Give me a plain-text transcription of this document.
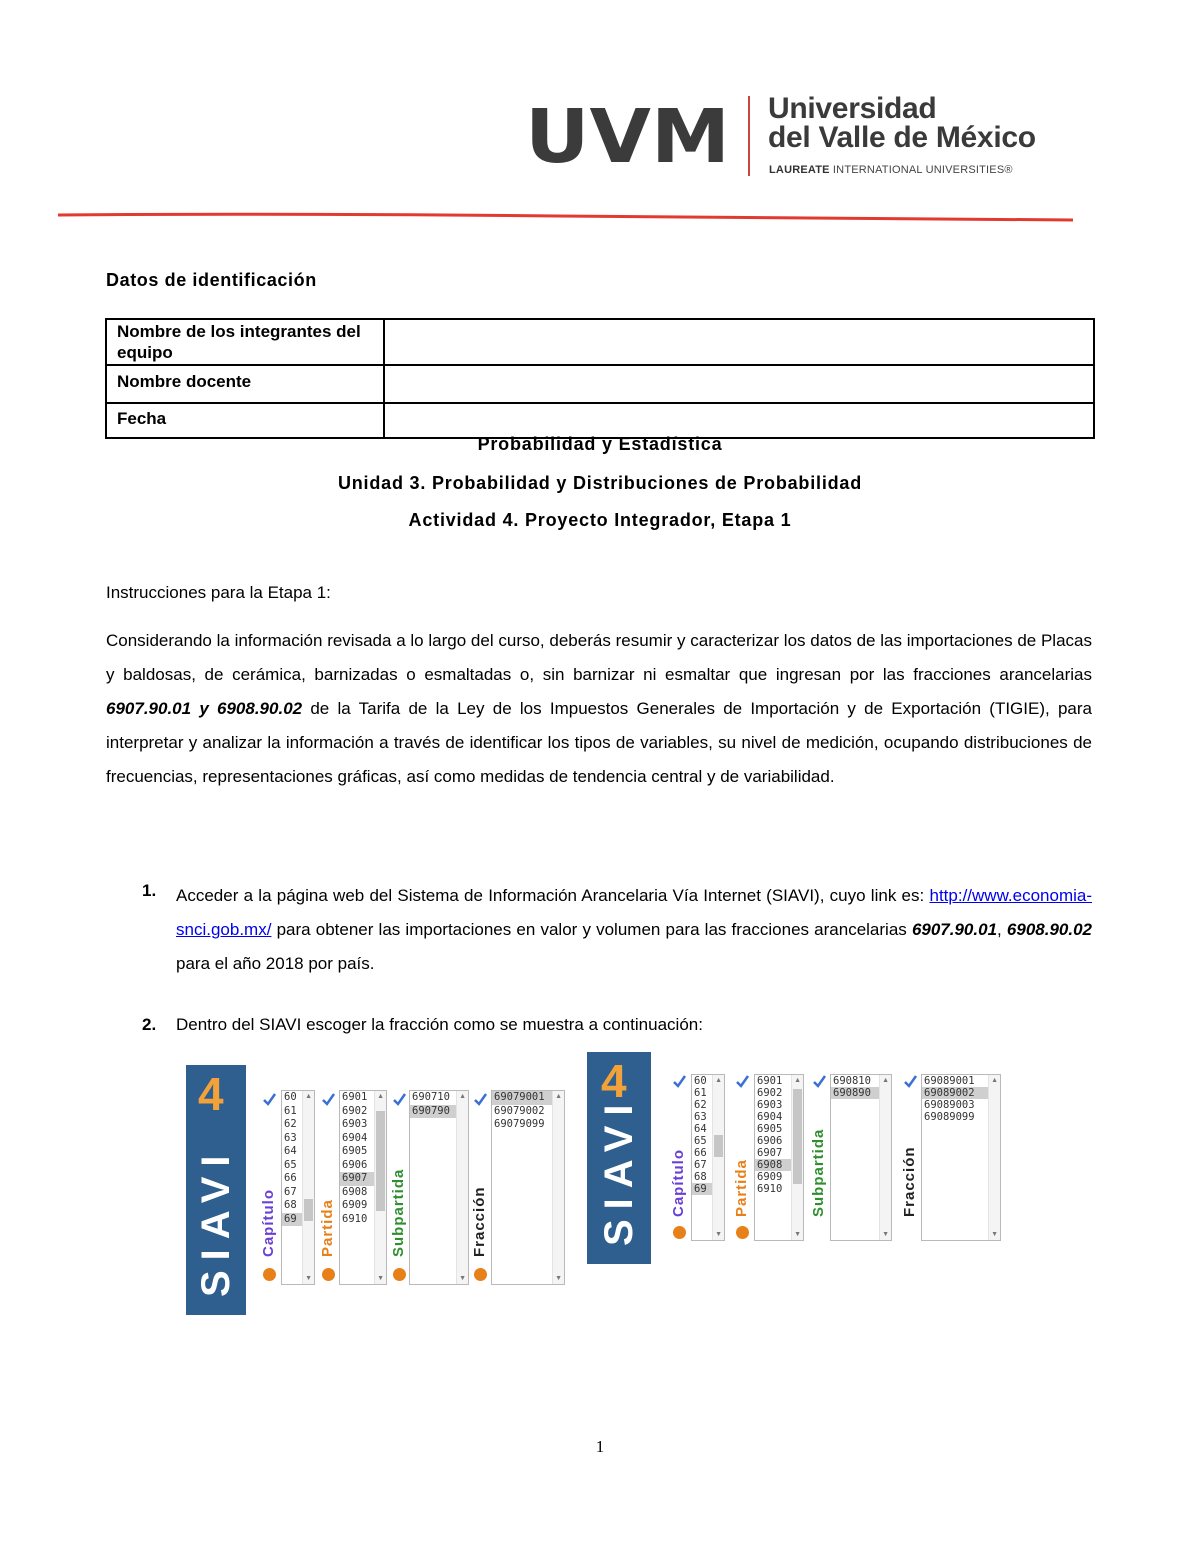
UVM Universidad
del Valle de México
LAUREATE INTERNATIONAL UNIVERSITIES®
Datos de identificación
Nombre de los integrantes del equipo	
Nombre docente	
Fecha	
Probabilidad y Estadística
Unidad 3. Probabilidad y Distribuciones de Probabilidad
Actividad 4. Proyecto Integrador, Etapa 1
Instrucciones para la Etapa 1:
Considerando la información revisada a lo largo del curso, deberás resumir y caracterizar los datos de las importaciones de Placas y baldosas, de cerámica, barnizadas o esmaltadas o, sin barnizar ni esmaltar que ingresan por las fracciones arancelarias 6907.90.01 y 6908.90.02 de la Tarifa de la Ley de los Impuestos Generales de Importación y de Exportación (TIGIE), para interpretar y analizar la información a través de identificar los tipos de variables, su nivel de medición, ocupando distribuciones de frecuencias, representaciones gráficas, así como medidas de tendencia central y de variabilidad.
1. Acceder a la página web del Sistema de Información Arancelaria Vía Internet (SIAVI), cuyo link es: http://www.economia-snci.gob.mx/ para obtener las importaciones en valor y volumen para las fracciones arancelarias 6907.90.01, 6908.90.02 para el año 2018 por país.
2. Dentro del SIAVI escoger la fracción como se muestra a continuación:
4
SIAVI Capítulo
60
61
62
63
64
65
66
67
68
69
▲
▼
Partida
6901
6902
6903
6904
6905
6906
6907
6908
6909
6910
▲
▼
Subpartida
690710
690790
▲
▼
Fracción
69079001
69079002
69079099
▲
▼
4
SIAVI Capítulo
60
61
62
63
64
65
66
67
68
69
▲
▼
Partida
6901
6902
6903
6904
6905
6906
6907
6908
6909
6910
▲
▼
Subpartida
690810
690890
▲
▼
Fracción
69089001
69089002
69089003
69089099
▲
▼
1
